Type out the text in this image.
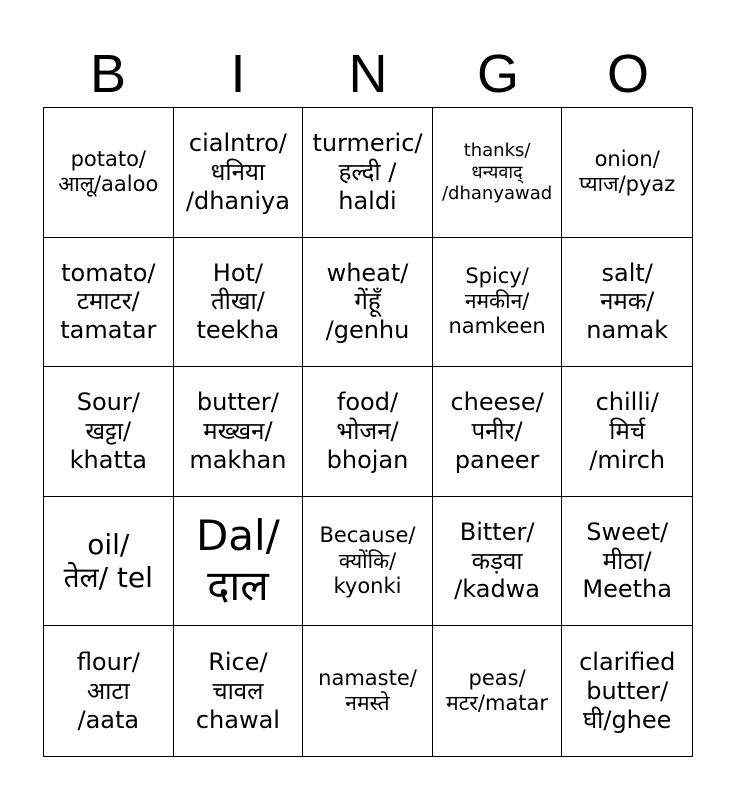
B	I	N	G	O
potato/
आलू/aaloo
cialntro/
धनिया
/dhaniya
turmeric/
हल्दी /
haldi
thanks/
धन्यवाद्
/dhanyawad
onion/
प्याज/pyaz
tomato/
टमाटर/
tamatar
Hot/
तीखा/
teekha
wheat/
गेंहूँ
/genhu
Spicy/
नमकीन/
namkeen
salt/
नमक/
namak
Sour/
खट्टा/
khatta
butter/
मख्खन/
makhan
food/
भोजन/
bhojan
cheese/
पनीर/
paneer
chilli/
मिर्च
/mirch
oil/
तेल/ tel
Dal/
दाल
Because/
क्योंकि/
kyonki
Bitter/
कड़वा
/kadwa
Sweet/
मीठा/
Meetha
flour/
आटा
/aata
Rice/
चावल
chawal
namaste/
नमस्ते
peas/
मटर/matar
clarified
butter/
घी/ghee
